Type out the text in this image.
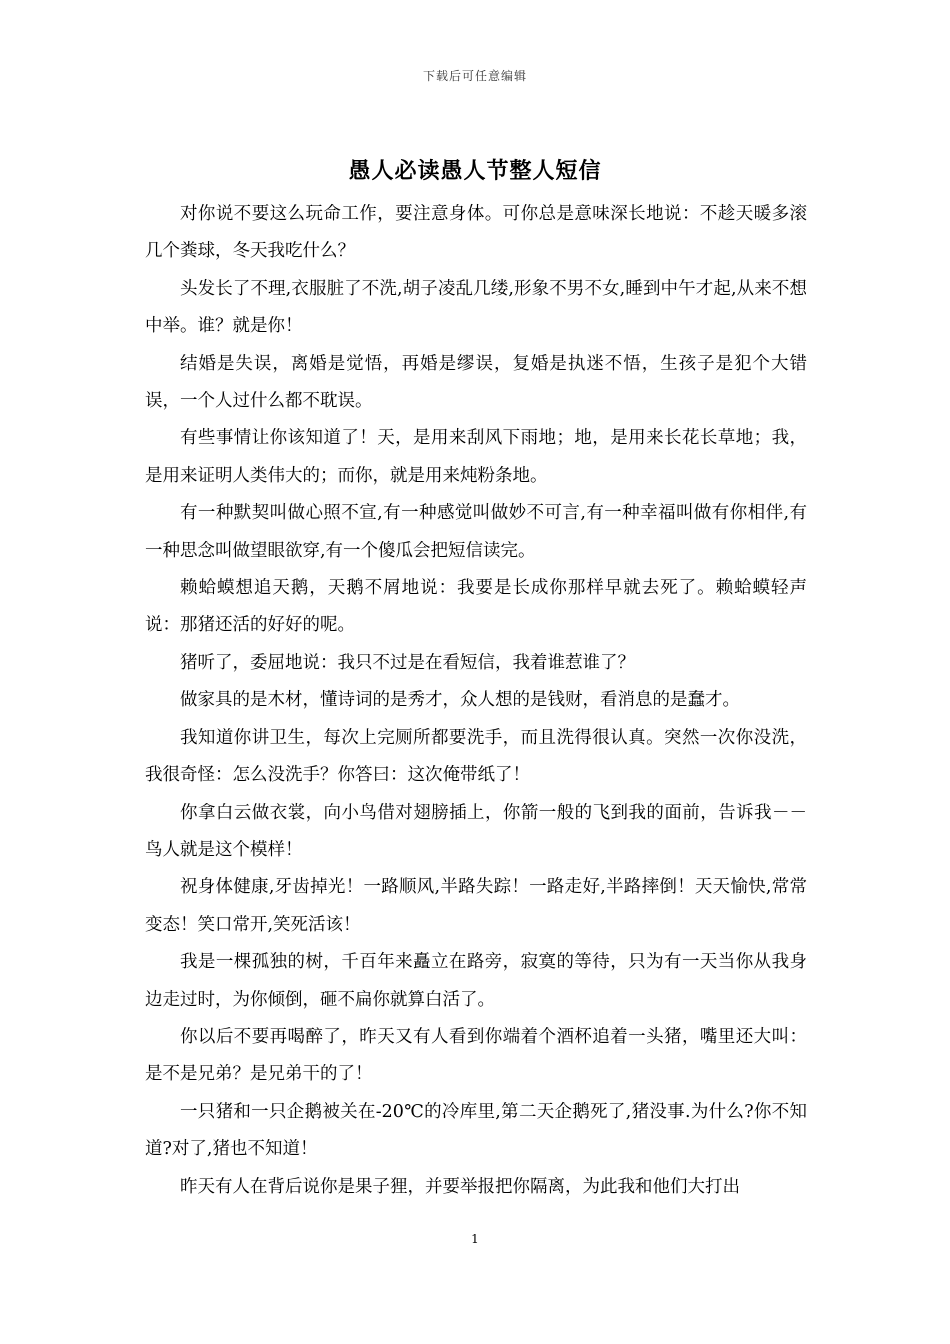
下载后可任意编辑
愚人必读愚人节整人短信

对你说不要这么玩命工作，要注意身体。可你总是意味深长地说：不趁天暖多滚几个粪球，冬天我吃什么？

头发长了不理,衣服脏了不洗,胡子凌乱几缕,形象不男不女,睡到中午才起,从来不想中举。谁？就是你！

结婚是失误，离婚是觉悟，再婚是缪误，复婚是执迷不悟，生孩子是犯个大错误，一个人过什么都不耽误。

有些事情让你该知道了！天，是用来刮风下雨地；地，是用来长花长草地；我，是用来证明人类伟大的；而你，就是用来炖粉条地。

有一种默契叫做心照不宣,有一种感觉叫做妙不可言,有一种幸福叫做有你相伴,有一种思念叫做望眼欲穿,有一个傻瓜会把短信读完。

赖蛤蟆想追天鹅，天鹅不屑地说：我要是长成你那样早就去死了。赖蛤蟆轻声说：那猪还活的好好的呢。

猪听了，委屈地说：我只不过是在看短信，我着谁惹谁了？

做家具的是木材，懂诗词的是秀才，众人想的是钱财，看消息的是蠢才。

我知道你讲卫生，每次上完厕所都要洗手，而且洗得很认真。突然一次你没洗，我很奇怪：怎么没洗手？你答曰：这次俺带纸了！

你拿白云做衣裳，向小鸟借对翅膀插上，你箭一般的飞到我的面前，告诉我－－鸟人就是这个模样！

祝身体健康,牙齿掉光！一路顺风,半路失踪！一路走好,半路摔倒！天天愉快,常常变态！笑口常开,笑死活该！

我是一棵孤独的树，千百年来矗立在路旁，寂寞的等待，只为有一天当你从我身边走过时，为你倾倒，砸不扁你就算白活了。

你以后不要再喝醉了，昨天又有人看到你端着个酒杯追着一头猪，嘴里还大叫：是不是兄弟？是兄弟干的了！

一只猪和一只企鹅被关在-20℃的冷库里,第二天企鹅死了,猪没事.为什么?你不知道?对了,猪也不知道！

昨天有人在背后说你是果子狸，并要举报把你隔离，为此我和他们大打出

1
